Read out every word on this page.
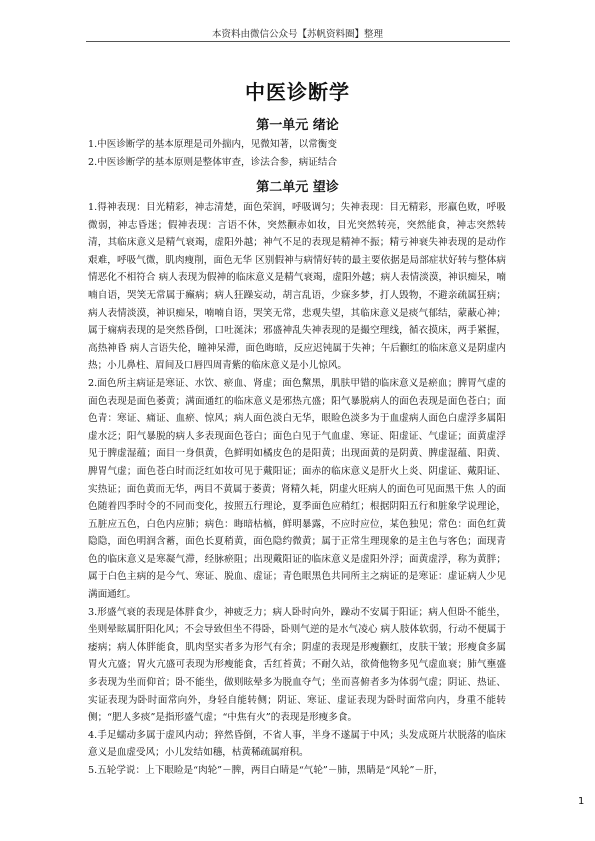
本资料由微信公众号【苏帆资料圈】整理
中医诊断学
第一单元 绪论

1.中医诊断学的基本原理是司外揣内，见微知著，以常衡变

2.中医诊断学的基本原则是整体审查，诊法合参，病证结合

第二单元 望诊

1.得神表现：目光精彩，神志清楚，面色荣润，呼吸调匀；失神表现：目无精彩，形羸色败，呼吸微弱，神志昏迷；假神表现：言语不休，突然颧赤如妆，目光突然转亮，突然能食，神志突然转清，其临床意义是精气衰竭，虚阳外越；神气不足的表现是精神不振；精亏神衰失神表现的是动作艰难，呼吸气微，肌肉瘦削，面色无华 区别假神与病情好转的最主要依据是局部症状好转与整体病情恶化不相符合 病人表现为假神的临床意义是精气衰竭，虚阳外越；病人表情淡漠，神识痴呆，喃喃自语，哭笑无常属于癫病；病人狂躁妄动，胡言乱语，少寐多梦，打人毁物，不避亲疏属狂病；病人表情淡漠，神识痴呆，喃喃自语，哭笑无常，悲观失望，其临床意义是痰气郁结，蒙蔽心神；属于痫病表现的是突然昏倒，口吐涎沫；邪盛神乱失神表现的是撮空理线，循衣摸床，两手紧握，高热神昏 病人言语失伦，瞳神呆滞，面色晦暗，反应迟钝属于失神；午后颧红的临床意义是阴虚内热；小儿鼻柱、眉间及口唇四周青紫的临床意义是小儿惊风。

2.面色所主病证是寒证、水饮、瘀血、肾虚；面色黧黑，肌肤甲错的临床意义是瘀血；脾胃气虚的面色表现是面色萎黄；满面通红的临床意义是邪热亢盛；阳气暴脱病人的面色表现是面色苍白；面色青：寒证、痛证、血瘀、惊风；病人面色淡白无华，眼睑色淡多为于血虚病人面色白虚浮多属阳虚水泛；阳气暴脱的病人多表现面色苍白；面色白见于气血虚、寒证、阳虚证、气虚证；面黄虚浮见于脾虚湿蕴；面目一身俱黄，色鲜明如橘皮色的是阳黄；出现面黄的是阴黄、脾虚湿蕴、阳黄、脾胃气虚；面色苍白时而泛红如妆可见于戴阳证；面赤的临床意义是肝火上炎、阴虚证、戴阳证、实热证；面色黄而无华，两目不黄属于萎黄；肾精久耗，阴虚火旺病人的面色可见面黑干焦 人的面色随着四季时令的不同而变化，按照五行理论，夏季面色应稍红；根据阴阳五行和脏象学说理论，五脏应五色，白色内应肺；病色：晦暗枯槁，鲜明暴露，不应时应位，某色独见；常色：面色红黄隐隐，面色明润含蓄，面色长夏稍黄，面色隐约微黄；属于正常生理现象的是主色与客色；面现青色的临床意义是寒凝气滞，经脉瘀阻；出现戴阳证的临床意义是虚阳外浮；面黄虚浮，称为黄胖；属于白色主病的是今气、寒证、脱血、虚证；青色眼黑色共同所主之病证的是寒证：虚证病人少见满面通红。

3.形盛气衰的表现是体胖食少，神疲乏力；病人卧时向外，躁动不安属于阳证；病人但卧不能坐，坐则晕眩属肝阳化风；不会导致但坐不得卧，卧则气逆的是水气凌心 病人肢体软弱，行动不便属于痿病；病人体胖能食，肌肉坚实者多为形气有余；阴虚的表现是形瘦颧红，皮肤干皱；形瘦食多属胃火亢盛；胃火亢盛可表现为形瘦能食，舌红苔黄；不耐久站，欲倚他物多见气虚血衰；肺气壅盛多表现为坐而仰首；卧不能坐，做则眩晕多为脱血夺气；坐而喜俯者多为体弱气虚；阴证、热证、实证表现为卧时面常向外，身轻自能转侧；阴证、寒证、虚证表现为卧时面常向内，身重不能转侧；“肥人多痰”是指形盛气虚；“中焦有火”的表现是形瘦多食。

4.手足蠕动多属于虚风内动；猝然昏倒，不省人事，半身不遂属于中风；头发成斑片状脱落的临床意义是血虚受风；小儿发结如穗，枯黄稀疏属疳积。

5.五轮学说：上下眼睑是“肉轮”－脾，两目白睛是“气轮”－肺，黑睛是“风轮”－肝，

1
